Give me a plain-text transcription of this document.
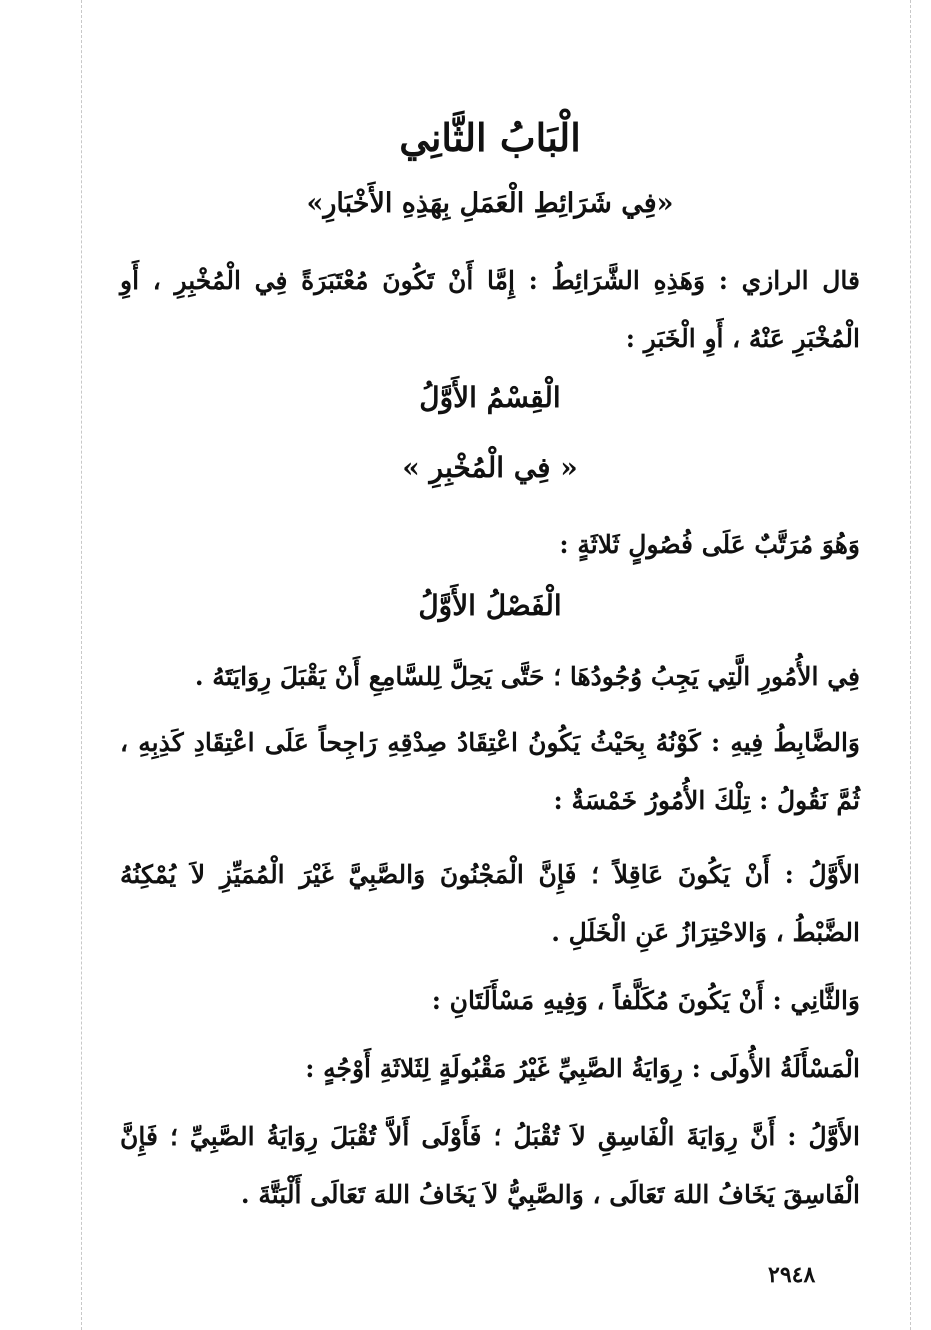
الْبَابُ الثَّانِي
«فِي شَرَائِطِ الْعَمَلِ بِهَذِهِ الأَخْبَارِ»
قال الرازي : وَهَذِهِ الشَّرَائِطُ : إِمَّا أَنْ تَكُونَ مُعْتَبَرَةً فِي الْمُخْبِرِ ، أَوِ الْمُخْبَرِ عَنْهُ ، أَوِ الْخَبَرِ :
الْقِسْمُ الأَوَّلُ
« فِي الْمُخْبِرِ »
وَهُوَ مُرَتَّبٌ عَلَى فُصُولٍ ثَلاثَةٍ :
الْفَصْلُ الأَوَّلُ
فِي الأُمُورِ الَّتِي يَجِبُ وُجُودُهَا ؛ حَتَّى يَحِلَّ لِلسَّامِعِ أَنْ يَقْبَلَ رِوَايَتَهُ .
وَالضَّابِطُ فِيهِ : كَوْنُهُ بِحَيْثُ يَكُونُ اعْتِقَادُ صِدْقِهِ رَاجِحاً عَلَى اعْتِقَادِ كَذِبِهِ ، ثُمَّ نَقُولُ : تِلْكَ الأُمُورُ خَمْسَةٌ :
الأَوَّلُ : أَنْ يَكُونَ عَاقِلاً ؛ فَإِنَّ الْمَجْنُونَ وَالصَّبِيَّ غَيْرَ الْمُمَيِّزِ لاَ يُمْكِنُهُ الضَّبْطُ ، وَالاحْتِرَازُ عَنِ الْخَلَلِ .
وَالثَّانِي : أَنْ يَكُونَ مُكَلَّفاً ، وَفِيهِ مَسْأَلَتَانِ :
الْمَسْأَلَةُ الأُولَى : رِوَايَةُ الصَّبِيِّ غَيْرُ مَقْبُولَةٍ لِثَلاثَةِ أَوْجُهٍ :
الأَوَّلُ : أَنَّ رِوَايَةَ الْفَاسِقِ لاَ تُقْبَلُ ؛ فَأَوْلَى أَلاَّ تُقْبَلَ رِوَايَةُ الصَّبِيِّ ؛ فَإِنَّ الْفَاسِقَ يَخَافُ اللهَ تَعَالَى ، وَالصَّبِيُّ لاَ يَخَافُ اللهَ تَعَالَى أَلْبَتَّةَ .
٢٩٤٨
